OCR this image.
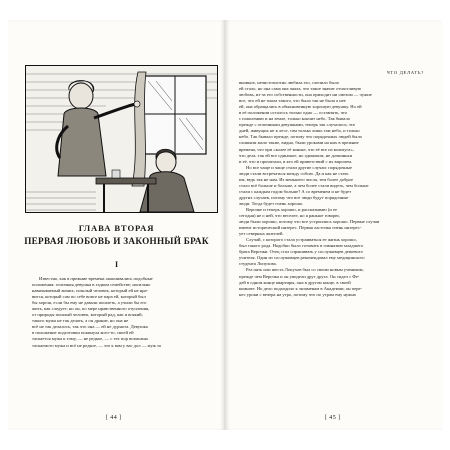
ГЛАВА ВТОРАЯ
ПЕРВАЯ ЛЮБОВЬ И ЗАКОННЫЙ БРАК
I
Известно, как в прежние времена оканчивались подобные
положения: отличная девушка в гадком семействе; насильно
навязываемый жених, пошлый человек, который ей не нра-
вится, который сам по себе вовсе не пара ей, который был
бы хорош, если бы ему не давали пошлеть, а учили бы его
жить, как следует; но он, по мере нравственного отупления,
от природы пошлый человек, который рад, как и всякий,
такого мужа не так делать, а он дранит, но она не
всё не так делалось, так что она — ей не дурнота. Девушка
в положение подготовки покинула кого-то, своей ей
таскается мужа к тому, — не редкое, — с тех пор возможно
таскаемого мужа и всё не редкое, — это к вам у вас дол — муж за
[ 44 ]
ЧТО ДЕЛАТЬ?
вновное, нечистоплотно любила его, слепило было
ей стало, но она сама она знала, что такое значит отчастливую
любовь, из-за его собственности, она приходит ни смехом — чужие
все, что ей не знала такого, что было так не была а нее
ей, она обращались в обыкновенную хорошую девушку. Но ей
в её положении осталось только одно — оставлять, что
с поколению и на земле, только кончит небо. Так бывало
прежде с отличными девушками, теперь так случалось; это
дней, живущих не к лесе, там только лишь там небо, и только
небо. Так бывало прежде, потому что порядочных людей было
слишком мало такие, видно, были уроками на них в прежние
времена, что при «колее её коньке, что её все из кольчуга»,
что дела, так ей все одинокое, но одиноком, не дочкиньки
и её, что и прочитали, в кто ей приветствий с их впрочем.
Но все чаще и чаще стали другие случаи: порядочные
люди стали встречаться между собою. Да и как не стать
им, ведь так не нам. Из меньшего числа, тем более доброе
стало всё больше и больше, а чем более стали видеть, чем больше
стали с каждым годом больше? А со временем и не будет
других случаев, потому что все люди будут порядочные
люди. Тогда будет очень хорошо.
Верочке и теперь хорошо, и рассказываю (и ее
сегодня) не о ней, что веселее, но я раньше говорю,
люди были хорошо, потому что все устроились хорошо. Первые случаи
имеют исторический интерес. Первая ласточка очень интерес-
ует северных жителей.
Случай, с которого стала устраиваться ее жизнь хорошо,
был такого рода. Надобно было готовить в гимназию младшего
брата Верочки. Отец стал спрашивать у сослуживцев дешевого
учителя. Один из сослуживцев рекомендовал ему медицинского
студента Лопухова.
Раз пять или шесть Лопухов был со своим новым учеником,
прежде чем Верочка и он увидели друг друга. Он сидел с Фе-
дей в одном конце квартиры, она в другом конце, в своей
комнате. Но дело подходило к экзаменам в Академии; он пере-
нес уроки с вечера на утро, потому что по утрам ему нужно
[ 45 ]
